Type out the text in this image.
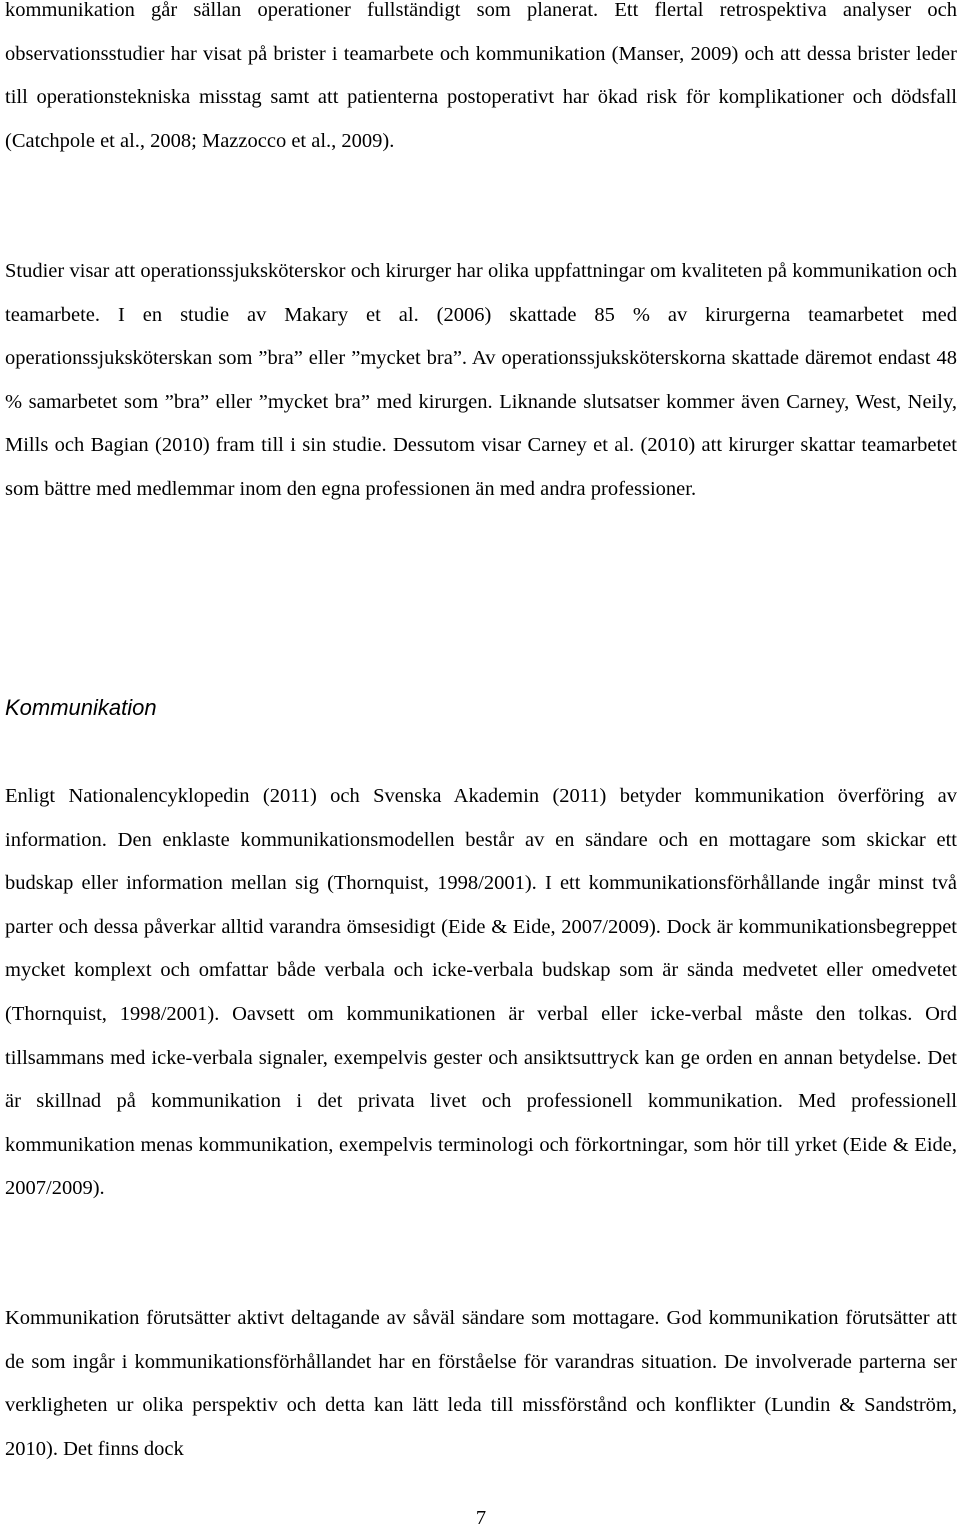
kommunikation går sällan operationer fullständigt som planerat. Ett flertal retrospektiva analyser och observationsstudier har visat på brister i teamarbete och kommunikation (Manser, 2009) och att dessa brister leder till operationstekniska misstag samt att patienterna postoperativt har ökad risk för komplikationer och dödsfall (Catchpole et al., 2008; Mazzocco et al., 2009).

Studier visar att operationssjuksköterskor och kirurger har olika uppfattningar om kvaliteten på kommunikation och teamarbete. I en studie av Makary et al. (2006) skattade 85 % av kirurgerna teamarbetet med operationssjuksköterskan som ”bra” eller ”mycket bra”. Av operationssjuksköterskorna skattade däremot endast 48 % samarbetet som ”bra” eller ”mycket bra” med kirurgen. Liknande slutsatser kommer även Carney, West, Neily, Mills och Bagian (2010) fram till i sin studie. Dessutom visar Carney et al. (2010) att kirurger skattar teamarbetet som bättre med medlemmar inom den egna professionen än med andra professioner.

Kommunikation

Enligt Nationalencyklopedin (2011) och Svenska Akademin (2011) betyder kommunikation överföring av information. Den enklaste kommunikationsmodellen består av en sändare och en mottagare som skickar ett budskap eller information mellan sig (Thornquist, 1998/2001). I ett kommunikationsförhållande ingår minst två parter och dessa påverkar alltid varandra ömsesidigt (Eide & Eide, 2007/2009). Dock är kommunikationsbegreppet mycket komplext och omfattar både verbala och icke-verbala budskap som är sända medvetet eller omedvetet (Thornquist, 1998/2001). Oavsett om kommunikationen är verbal eller icke-verbal måste den tolkas. Ord tillsammans med icke-verbala signaler, exempelvis gester och ansiktsuttryck kan ge orden en annan betydelse. Det är skillnad på kommunikation i det privata livet och professionell kommunikation. Med professionell kommunikation menas kommunikation, exempelvis terminologi och förkortningar, som hör till yrket (Eide & Eide, 2007/2009).

Kommunikation förutsätter aktivt deltagande av såväl sändare som mottagare. God kommunikation förutsätter att de som ingår i kommunikationsförhållandet har en förståelse för varandras situation. De involverade parterna ser verkligheten ur olika perspektiv och detta kan lätt leda till missförstånd och konflikter (Lundin & Sandström, 2010). Det finns dock

7
